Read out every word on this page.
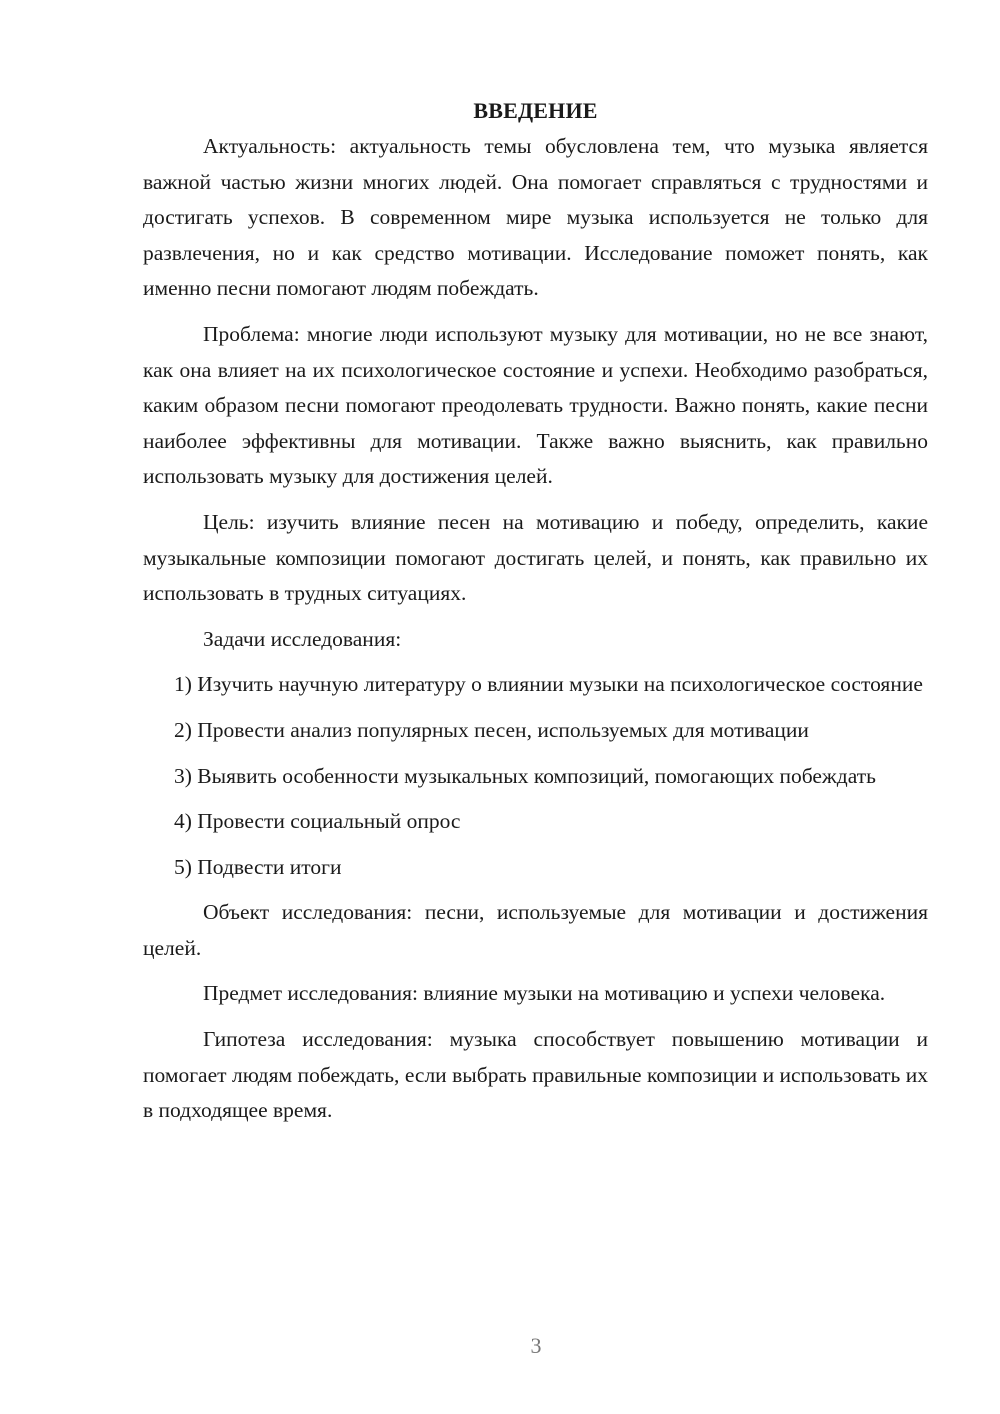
ВВЕДЕНИЕ

Актуальность: актуальность темы обусловлена тем, что музыка является важной частью жизни многих людей. Она помогает справляться с трудностями и достигать успехов. В современном мире музыка используется не только для развлечения, но и как средство мотивации. Исследование поможет понять, как именно песни помогают людям побеждать.

Проблема: многие люди используют музыку для мотивации, но не все знают, как она влияет на их психологическое состояние и успехи. Необходимо разобраться, каким образом песни помогают преодолевать трудности. Важно понять, какие песни наиболее эффективны для мотивации. Также важно выяснить, как правильно использовать музыку для достижения целей.

Цель: изучить влияние песен на мотивацию и победу, определить, какие музыкальные композиции помогают достигать целей, и понять, как правильно их использовать в трудных ситуациях.

Задачи исследования:

1) Изучить научную литературу о влиянии музыки на психологическое состояние

2) Провести анализ популярных песен, используемых для мотивации

3) Выявить особенности музыкальных композиций, помогающих побеждать

4) Провести социальный опрос

5) Подвести итоги

Объект исследования: песни, используемые для мотивации и достижения целей.

Предмет исследования: влияние музыки на мотивацию и успехи человека.

Гипотеза исследования: музыка способствует повышению мотивации и помогает людям побеждать, если выбрать правильные композиции и использовать их в подходящее время.

3
